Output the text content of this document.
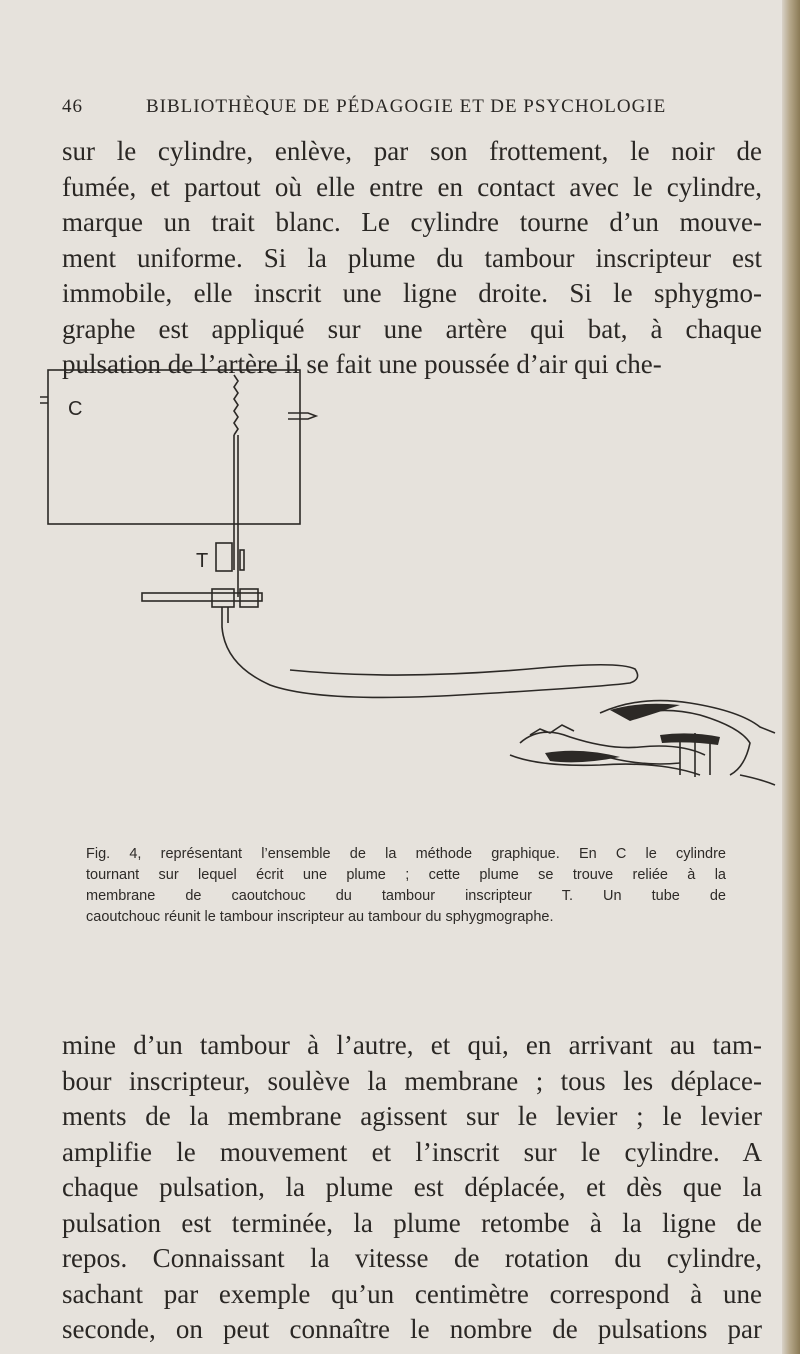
46	BIBLIOTHÈQUE DE PÉDAGOGIE ET DE PSYCHOLOGIE
sur le cylindre, enlève, par son frottement, le noir de
fumée, et partout où elle entre en contact avec le cylindre,
marque un trait blanc. Le cylindre tourne d’un mouve-
ment uniforme. Si la plume du tambour inscripteur est
immobile, elle inscrit une ligne droite. Si le sphygmo-
graphe est appliqué sur une artère qui bat, à chaque
pulsation de l’artère il se fait une poussée d’air qui che-
C
T
Fig. 4, représentant l’ensemble de la méthode graphique. En C le cylindre
tournant sur lequel écrit une plume ; cette plume se trouve reliée à la
membrane de caoutchouc du tambour inscripteur T. Un tube de
caoutchouc réunit le tambour inscripteur au tambour du sphygmographe.
mine d’un tambour à l’autre, et qui, en arrivant au tam-
bour inscripteur, soulève la membrane ; tous les déplace-
ments de la membrane agissent sur le levier ; le levier
amplifie le mouvement et l’inscrit sur le cylindre. A
chaque pulsation, la plume est déplacée, et dès que la
pulsation est terminée, la plume retombe à la ligne de
repos. Connaissant la vitesse de rotation du cylindre,
sachant par exemple qu’un centimètre correspond à une
seconde, on peut connaître le nombre de pulsations par
